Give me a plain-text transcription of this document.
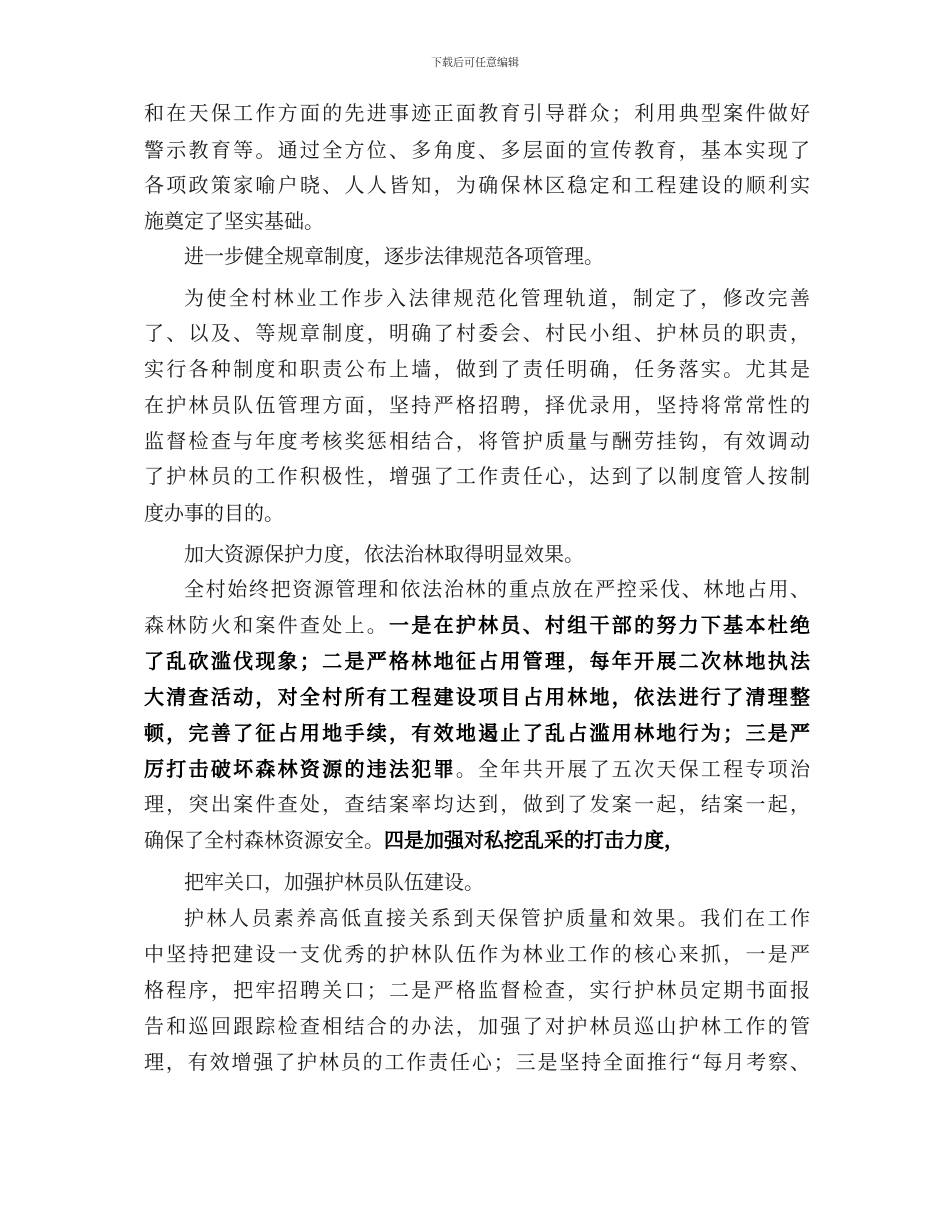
下载后可任意编辑
和在天保工作方面的先进事迹正面教育引导群众；利用典型案件做好
警示教育等。通过全方位、多角度、多层面的宣传教育，基本实现了
各项政策家喻户晓、人人皆知，为确保林区稳定和工程建设的顺利实
施奠定了坚实基础。
进一步健全规章制度，逐步法律规范各项管理。
为使全村林业工作步入法律规范化管理轨道，制定了，修改完善
了、以及、等规章制度，明确了村委会、村民小组、护林员的职责，
实行各种制度和职责公布上墙，做到了责任明确，任务落实。尤其是
在护林员队伍管理方面，坚持严格招聘，择优录用，坚持将常常性的
监督检查与年度考核奖惩相结合，将管护质量与酬劳挂钩，有效调动
了护林员的工作积极性，增强了工作责任心，达到了以制度管人按制
度办事的目的。
加大资源保护力度，依法治林取得明显效果。
全村始终把资源管理和依法治林的重点放在严控采伐、林地占用、
森林防火和案件查处上。一是在护林员、村组干部的努力下基本杜绝
了乱砍滥伐现象；二是严格林地征占用管理，每年开展二次林地执法
大清查活动，对全村所有工程建设项目占用林地，依法进行了清理整
顿，完善了征占用地手续，有效地遏止了乱占滥用林地行为；三是严
厉打击破坏森林资源的违法犯罪。全年共开展了五次天保工程专项治
理，突出案件查处，查结案率均达到，做到了发案一起，结案一起，
确保了全村森林资源安全。四是加强对私挖乱采的打击力度，
把牢关口，加强护林员队伍建设。
护林人员素养高低直接关系到天保管护质量和效果。我们在工作
中坚持把建设一支优秀的护林队伍作为林业工作的核心来抓，一是严
格程序，把牢招聘关口；二是严格监督检查，实行护林员定期书面报
告和巡回跟踪检查相结合的办法，加强了对护林员巡山护林工作的管
理，有效增强了护林员的工作责任心；三是坚持全面推行“每月考察、
